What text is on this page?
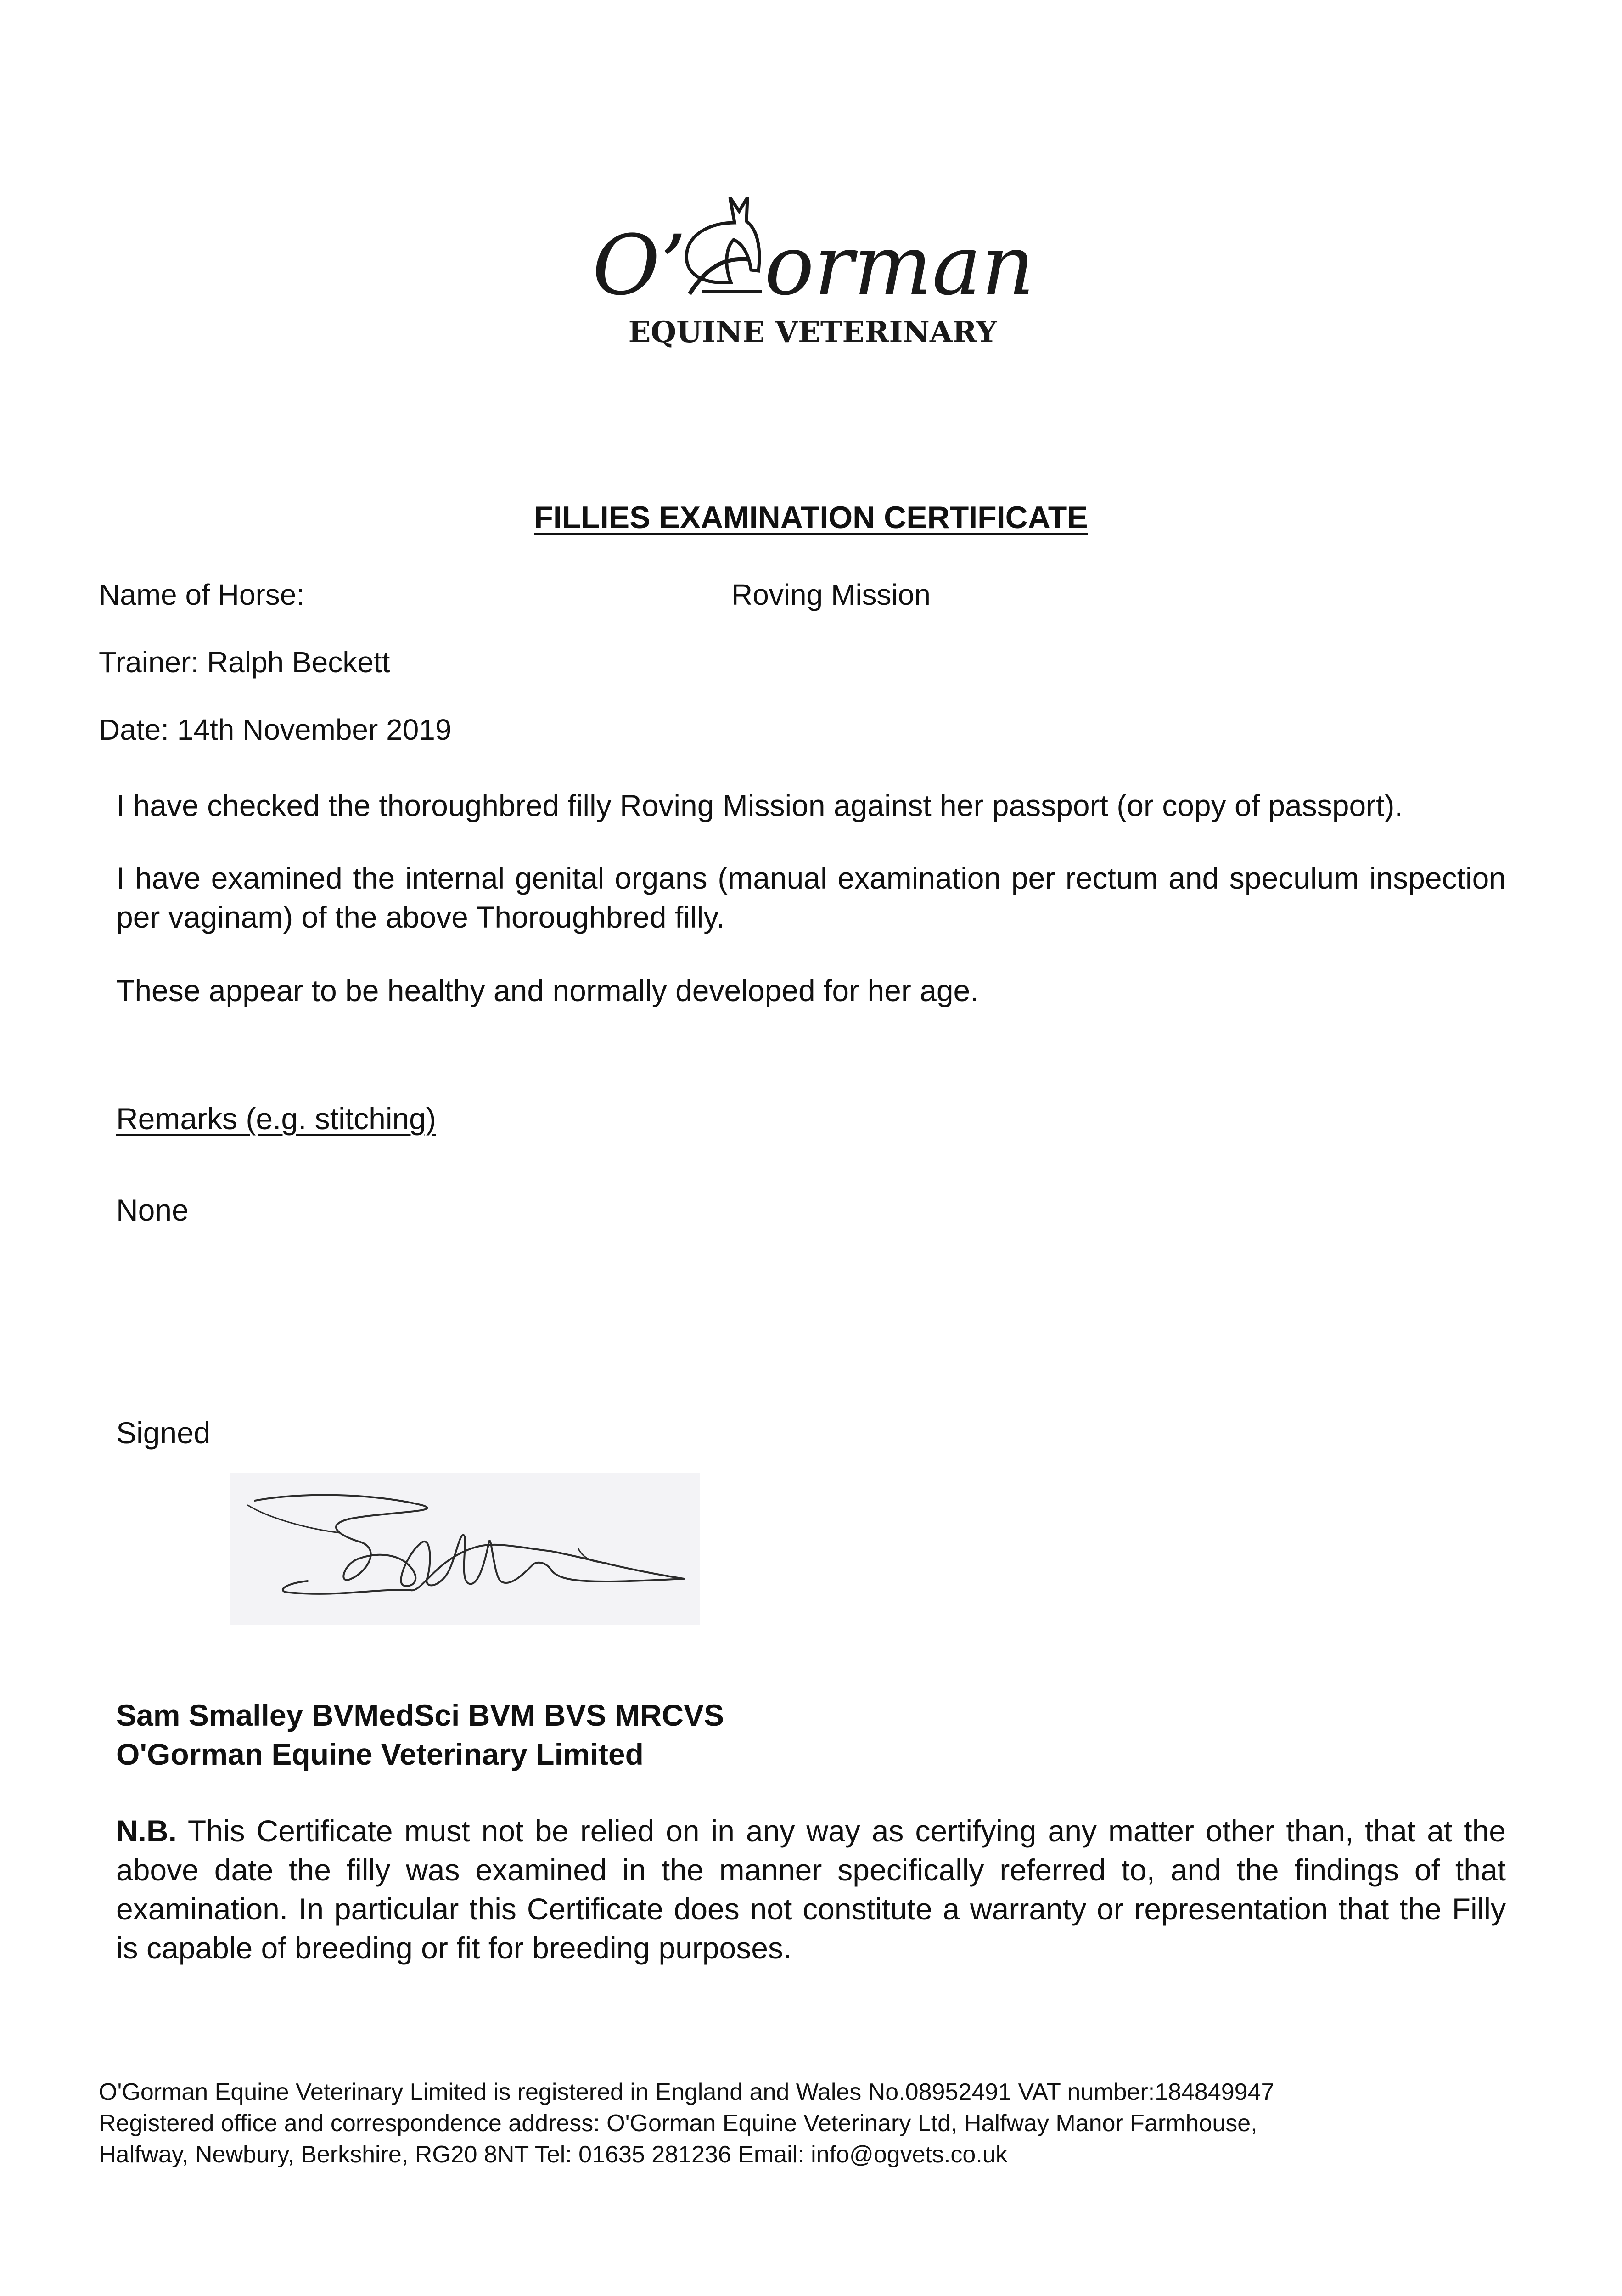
O’ orman
EQUINE VETERINARY
FILLIES EXAMINATION CERTIFICATE
Name of Horse:	Roving Mission
Trainer: Ralph Beckett
Date: 14th November 2019
I have checked the thoroughbred filly Roving Mission against her passport (or copy of passport).
I have examined the internal genital organs (manual examination per rectum and speculum inspection per vaginam) of the above Thoroughbred filly.
These appear to be healthy and normally developed for her age.
Remarks (e.g. stitching)
None
Signed
Sam Smalley BVMedSci BVM BVS MRCVS
O'Gorman Equine Veterinary Limited
N.B. This Certificate must not be relied on in any way as certifying any matter other than, that at the above date the filly was examined in the manner specifically referred to, and the findings of that examination. In particular this Certificate does not constitute a warranty or representation that the Filly is capable of breeding or fit for breeding purposes.
O'Gorman Equine Veterinary Limited is registered in England and Wales No.08952491 VAT number:184849947
Registered office and correspondence address: O'Gorman Equine Veterinary Ltd, Halfway Manor Farmhouse,
Halfway, Newbury, Berkshire, RG20 8NT Tel: 01635 281236 Email: info@ogvets.co.uk
